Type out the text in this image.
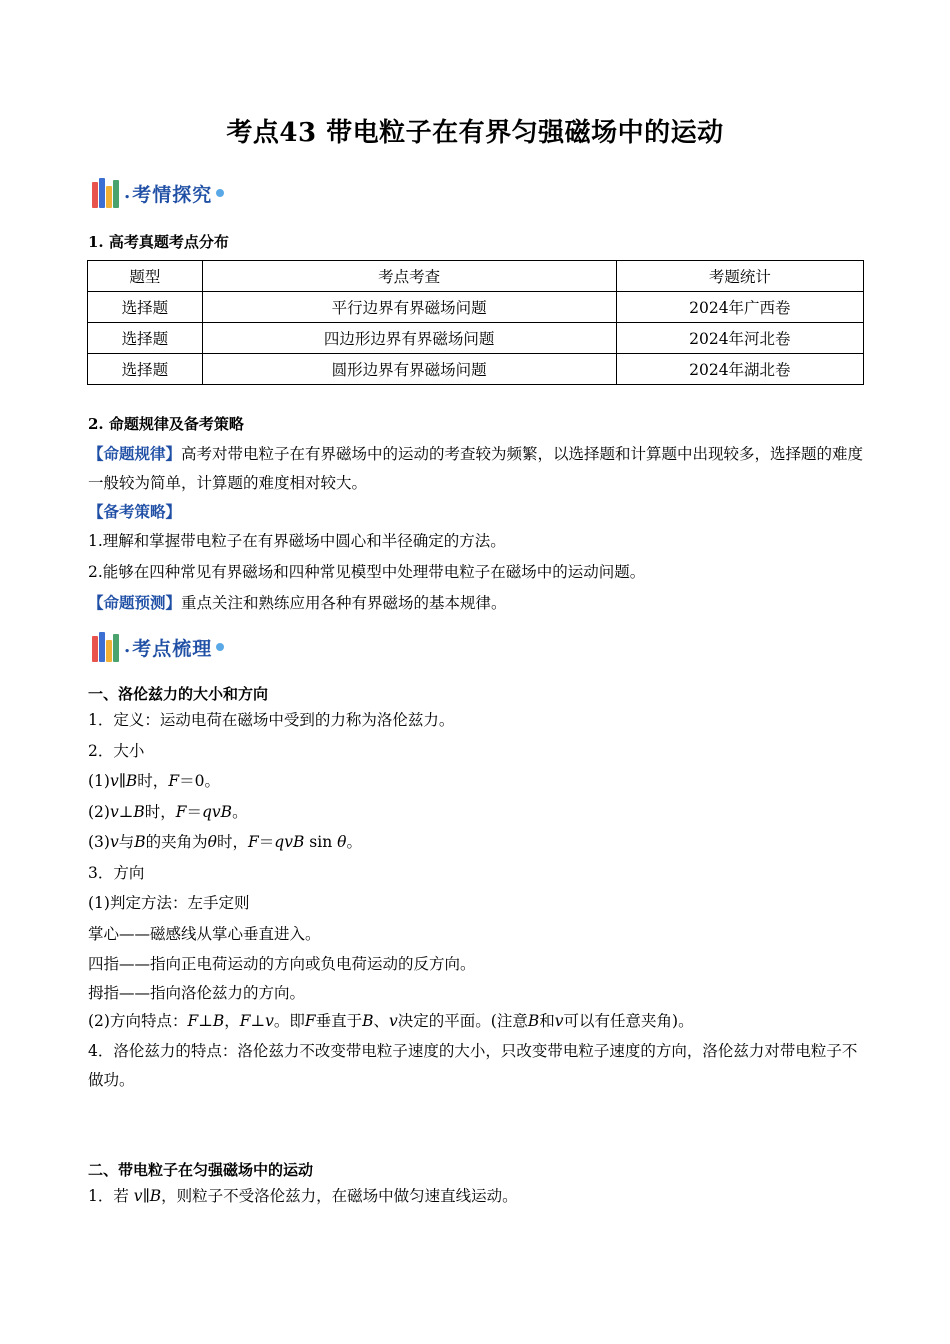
考点43 带电粒子在有界匀强磁场中的运动
. 考情探究
1. 高考真题考点分布
题型	考点考查	考题统计
选择题	平行边界有界磁场问题	2024年广西卷
选择题	四边形边界有界磁场问题	2024年河北卷
选择题	圆形边界有界磁场问题	2024年湖北卷
2. 命题规律及备考策略
【命题规律】高考对带电粒子在有界磁场中的运动的考查较为频繁，以选择题和计算题中出现较多，选择题的难度一般较为简单，计算题的难度相对较大。
【备考策略】
1.理解和掌握带电粒子在有界磁场中圆心和半径确定的方法。
2.能够在四种常见有界磁场和四种常见模型中处理带电粒子在磁场中的运动问题。
【命题预测】重点关注和熟练应用各种有界磁场的基本规律。
. 考点梳理
一、洛伦兹力的大小和方向
1．定义：运动电荷在磁场中受到的力称为洛伦兹力。
2．大小
(1)v∥B时，F＝0。
(2)v⊥B时，F＝qvB。
(3)v与B的夹角为θ时，F＝qvB sin θ。
3．方向
(1)判定方法：左手定则
掌心——磁感线从掌心垂直进入。
四指——指向正电荷运动的方向或负电荷运动的反方向。
拇指——指向洛伦兹力的方向。
(2)方向特点：F⊥B，F⊥v。即F垂直于B、v决定的平面。(注意B和v可以有任意夹角)。
4．洛伦兹力的特点：洛伦兹力不改变带电粒子速度的大小，只改变带电粒子速度的方向，洛伦兹力对带电粒子不做功。
二、带电粒子在匀强磁场中的运动
1．若 v∥B，则粒子不受洛伦兹力，在磁场中做匀速直线运动。
